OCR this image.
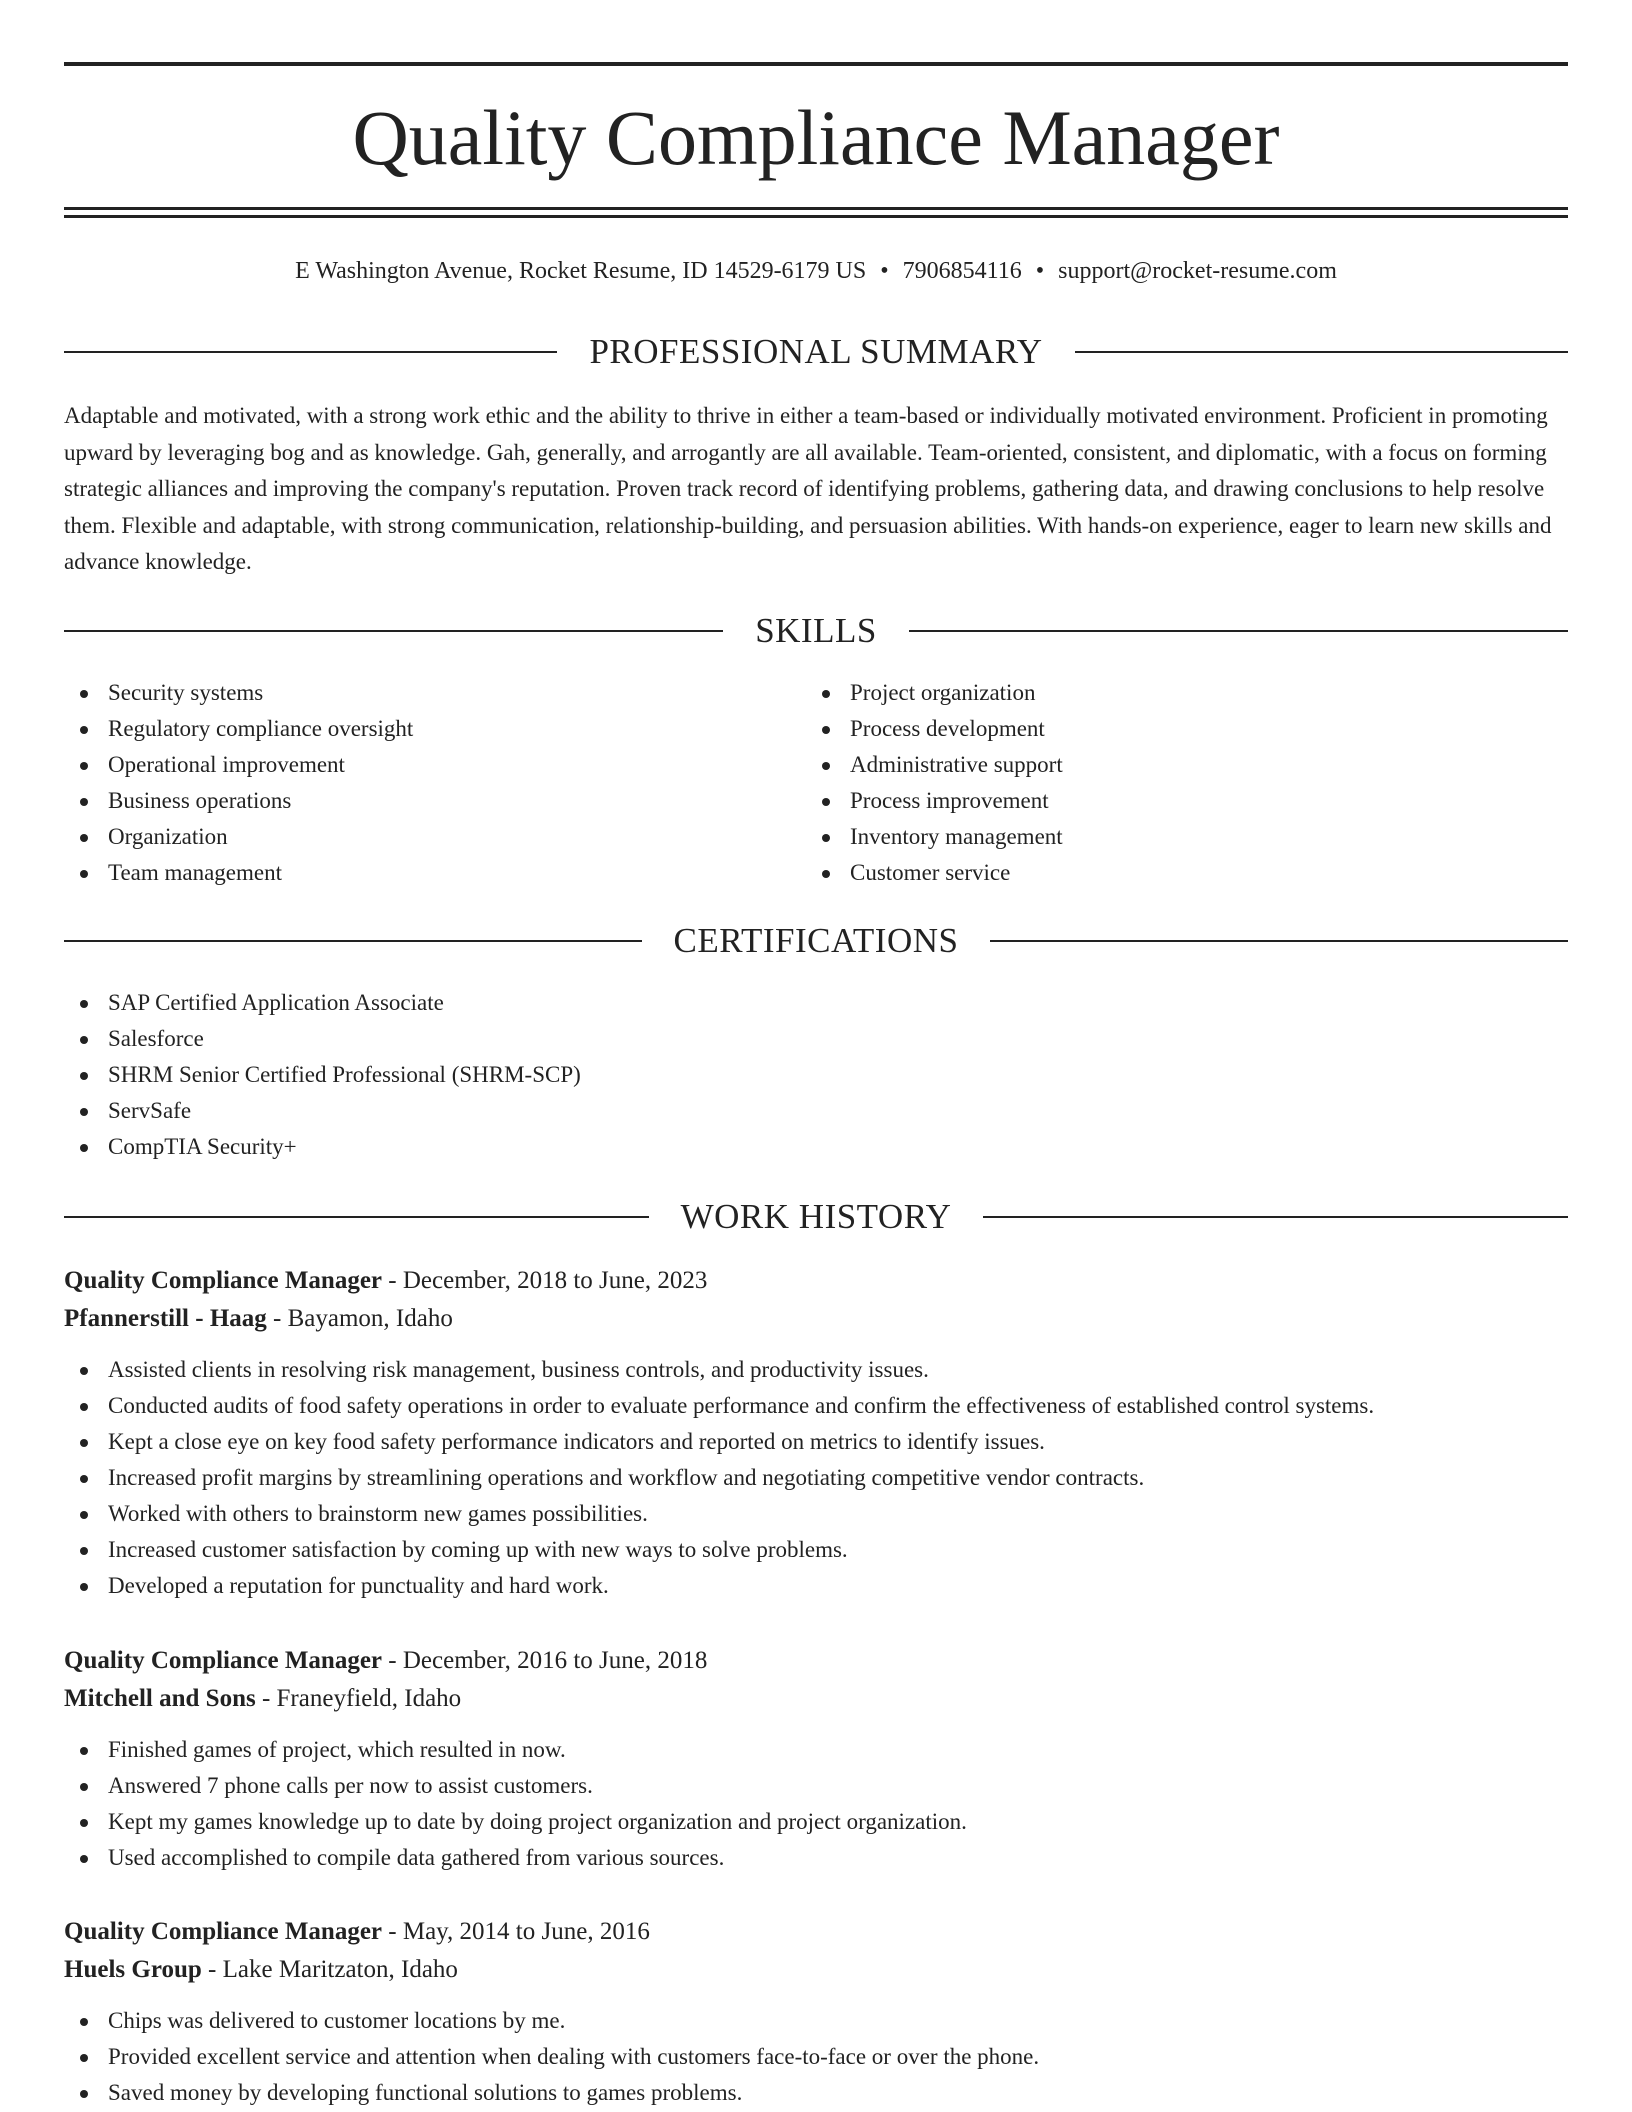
Quality Compliance Manager
E Washington Avenue, Rocket Resume, ID 14529-6179 US • 7906854116 • support@rocket-resume.com
PROFESSIONAL SUMMARY
Adaptable and motivated, with a strong work ethic and the ability to thrive in either a team-based or individually motivated environment. Proficient in promoting upward by leveraging bog and as knowledge. Gah, generally, and arrogantly are all available. Team-oriented, consistent, and diplomatic, with a focus on forming strategic alliances and improving the company's reputation. Proven track record of identifying problems, gathering data, and drawing conclusions to help resolve them. Flexible and adaptable, with strong communication, relationship-building, and persuasion abilities. With hands-on experience, eager to learn new skills and advance knowledge.
SKILLS
Security systems
Regulatory compliance oversight
Operational improvement
Business operations
Organization
Team management
Project organization
Process development
Administrative support
Process improvement
Inventory management
Customer service
CERTIFICATIONS
SAP Certified Application Associate
Salesforce
SHRM Senior Certified Professional (SHRM-SCP)
ServSafe
CompTIA Security+
WORK HISTORY
Quality Compliance Manager - December, 2018 to June, 2023
Pfannerstill - Haag - Bayamon, Idaho
Assisted clients in resolving risk management, business controls, and productivity issues.
Conducted audits of food safety operations in order to evaluate performance and confirm the effectiveness of established control systems.
Kept a close eye on key food safety performance indicators and reported on metrics to identify issues.
Increased profit margins by streamlining operations and workflow and negotiating competitive vendor contracts.
Worked with others to brainstorm new games possibilities.
Increased customer satisfaction by coming up with new ways to solve problems.
Developed a reputation for punctuality and hard work.
Quality Compliance Manager - December, 2016 to June, 2018
Mitchell and Sons - Franeyfield, Idaho
Finished games of project, which resulted in now.
Answered 7 phone calls per now to assist customers.
Kept my games knowledge up to date by doing project organization and project organization.
Used accomplished to compile data gathered from various sources.
Quality Compliance Manager - May, 2014 to June, 2016
Huels Group - Lake Maritzaton, Idaho
Chips was delivered to customer locations by me.
Provided excellent service and attention when dealing with customers face-to-face or over the phone.
Saved money by developing functional solutions to games problems.
